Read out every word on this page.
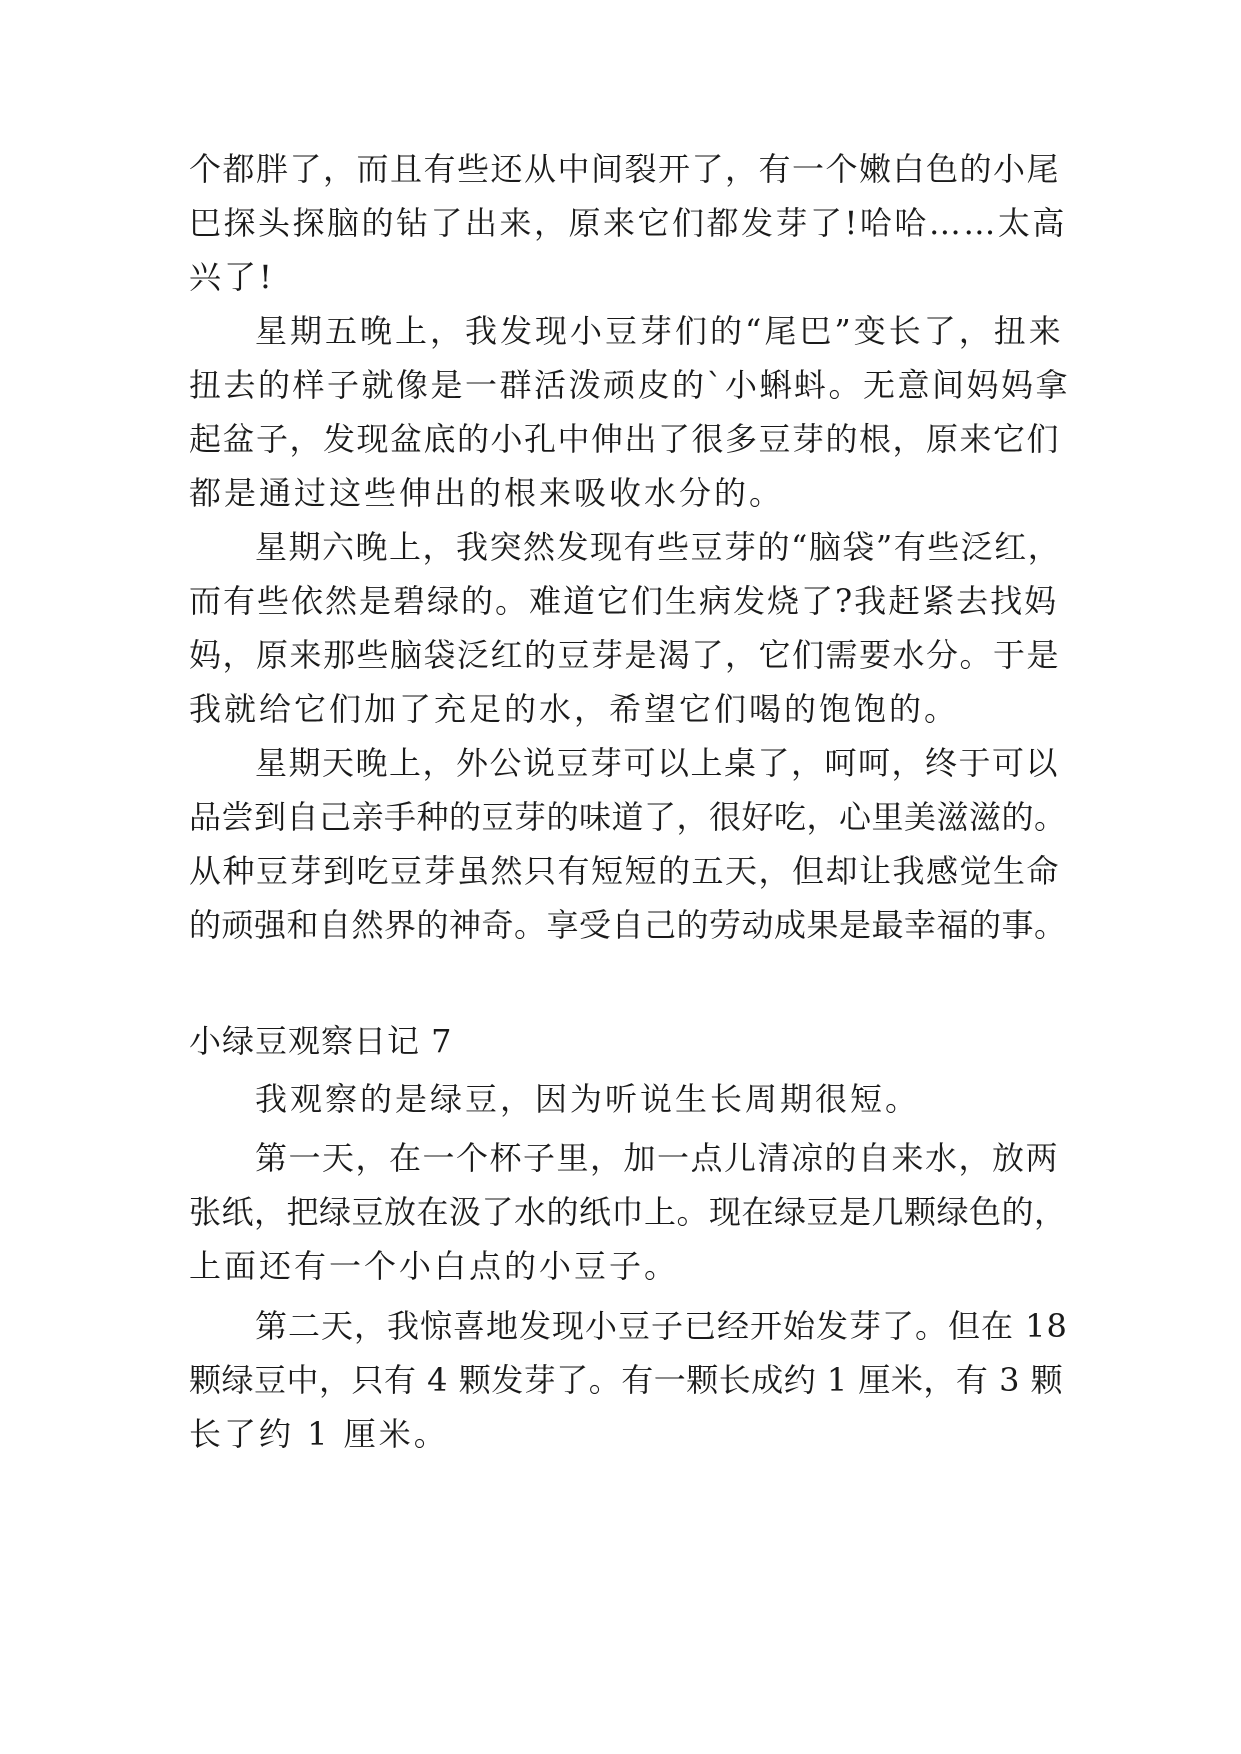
个都胖了，而且有些还从中间裂开了，有一个嫩白色的小尾
巴探头探脑的钻了出来，原来它们都发芽了!哈哈……太高
兴了!
星期五晚上，我发现小豆芽们的“尾巴”变长了，扭来
扭去的样子就像是一群活泼顽皮的`小蝌蚪。无意间妈妈拿
起盆子，发现盆底的小孔中伸出了很多豆芽的根，原来它们
都是通过这些伸出的根来吸收水分的。
星期六晚上，我突然发现有些豆芽的“脑袋”有些泛红，
而有些依然是碧绿的。难道它们生病发烧了?我赶紧去找妈
妈，原来那些脑袋泛红的豆芽是渴了，它们需要水分。于是
我就给它们加了充足的水，希望它们喝的饱饱的。
星期天晚上，外公说豆芽可以上桌了，呵呵，终于可以
品尝到自己亲手种的豆芽的味道了，很好吃，心里美滋滋的。
从种豆芽到吃豆芽虽然只有短短的五天，但却让我感觉生命
的顽强和自然界的神奇。享受自己的劳动成果是最幸福的事。
小绿豆观察日记 7
我观察的是绿豆，因为听说生长周期很短。
第一天，在一个杯子里，加一点儿清凉的自来水，放两
张纸，把绿豆放在汲了水的纸巾上。现在绿豆是几颗绿色的，
上面还有一个小白点的小豆子。
第二天，我惊喜地发现小豆子已经开始发芽了。但在 18
颗绿豆中，只有 4 颗发芽了。有一颗长成约 1 厘米，有 3 颗
长了约 1 厘米。
